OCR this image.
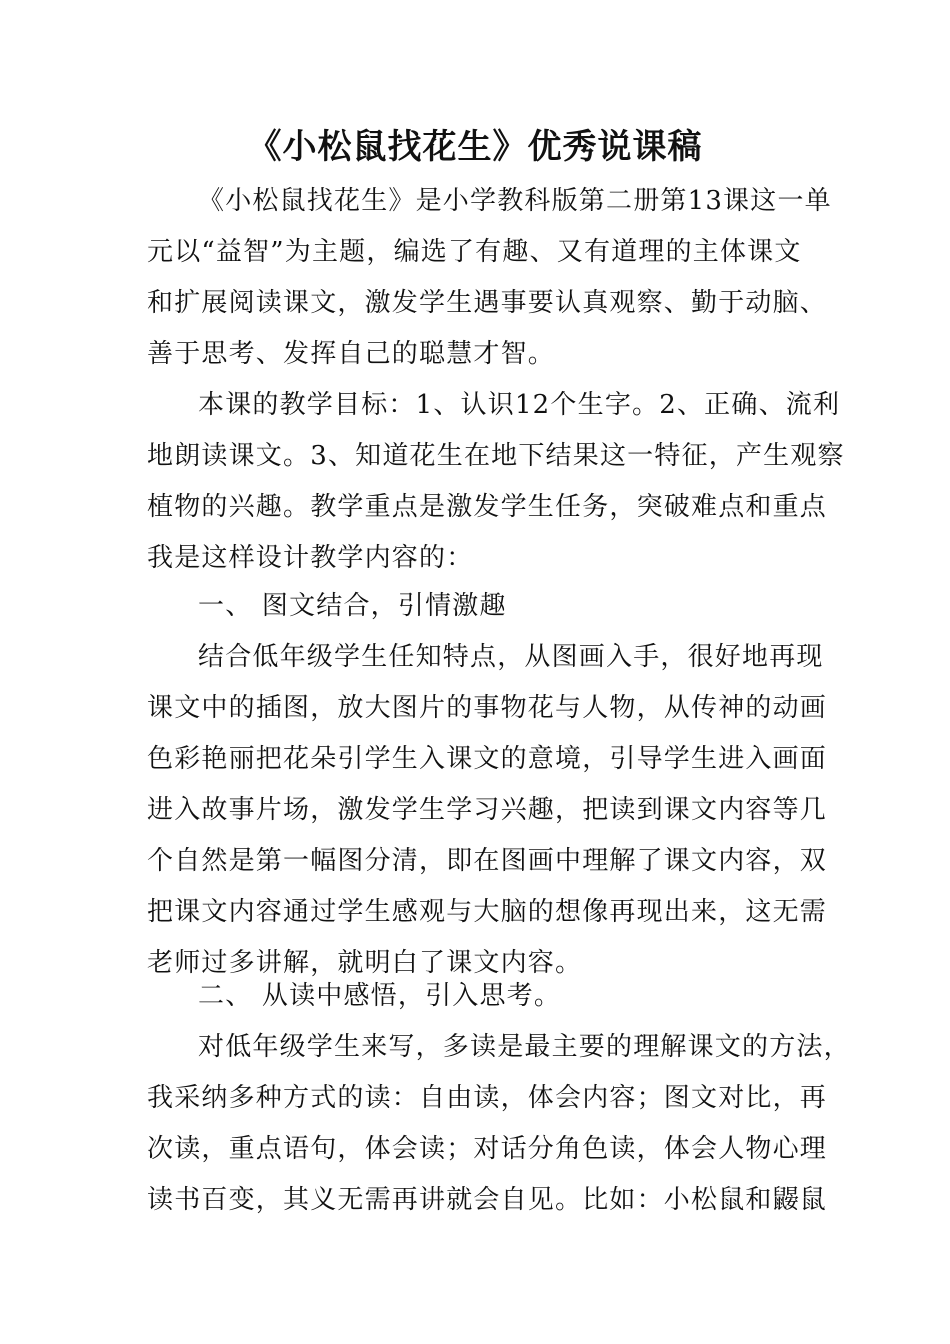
《小松鼠找花生》优秀说课稿
《小松鼠找花生》是小学教科版第二册第13课这一单
元以“益智”为主题，编选了有趣、又有道理的主体课文
和扩展阅读课文，激发学生遇事要认真观察、勤于动脑、
善于思考、发挥自己的聪慧才智。
本课的教学目标：1、认识12个生字。2、正确、流利
地朗读课文。3、知道花生在地下结果这一特征，产生观察
植物的兴趣。教学重点是激发学生任务，突破难点和重点
我是这样设计教学内容的：
一、 图文结合，引情激趣
结合低年级学生任知特点，从图画入手，很好地再现
课文中的插图，放大图片的事物花与人物，从传神的动画
色彩艳丽把花朵引学生入课文的意境，引导学生进入画面
进入故事片场，激发学生学习兴趣，把读到课文内容等几
个自然是第一幅图分清，即在图画中理解了课文内容，双
把课文内容通过学生感观与大脑的想像再现出来，这无需
老师过多讲解，就明白了课文内容。
二、 从读中感悟，引入思考。
对低年级学生来写，多读是最主要的理解课文的方法，
我采纳多种方式的读：自由读，体会内容；图文对比，再
次读，重点语句，体会读；对话分角色读，体会人物心理
读书百变，其义无需再讲就会自见。比如：小松鼠和鼹鼠
